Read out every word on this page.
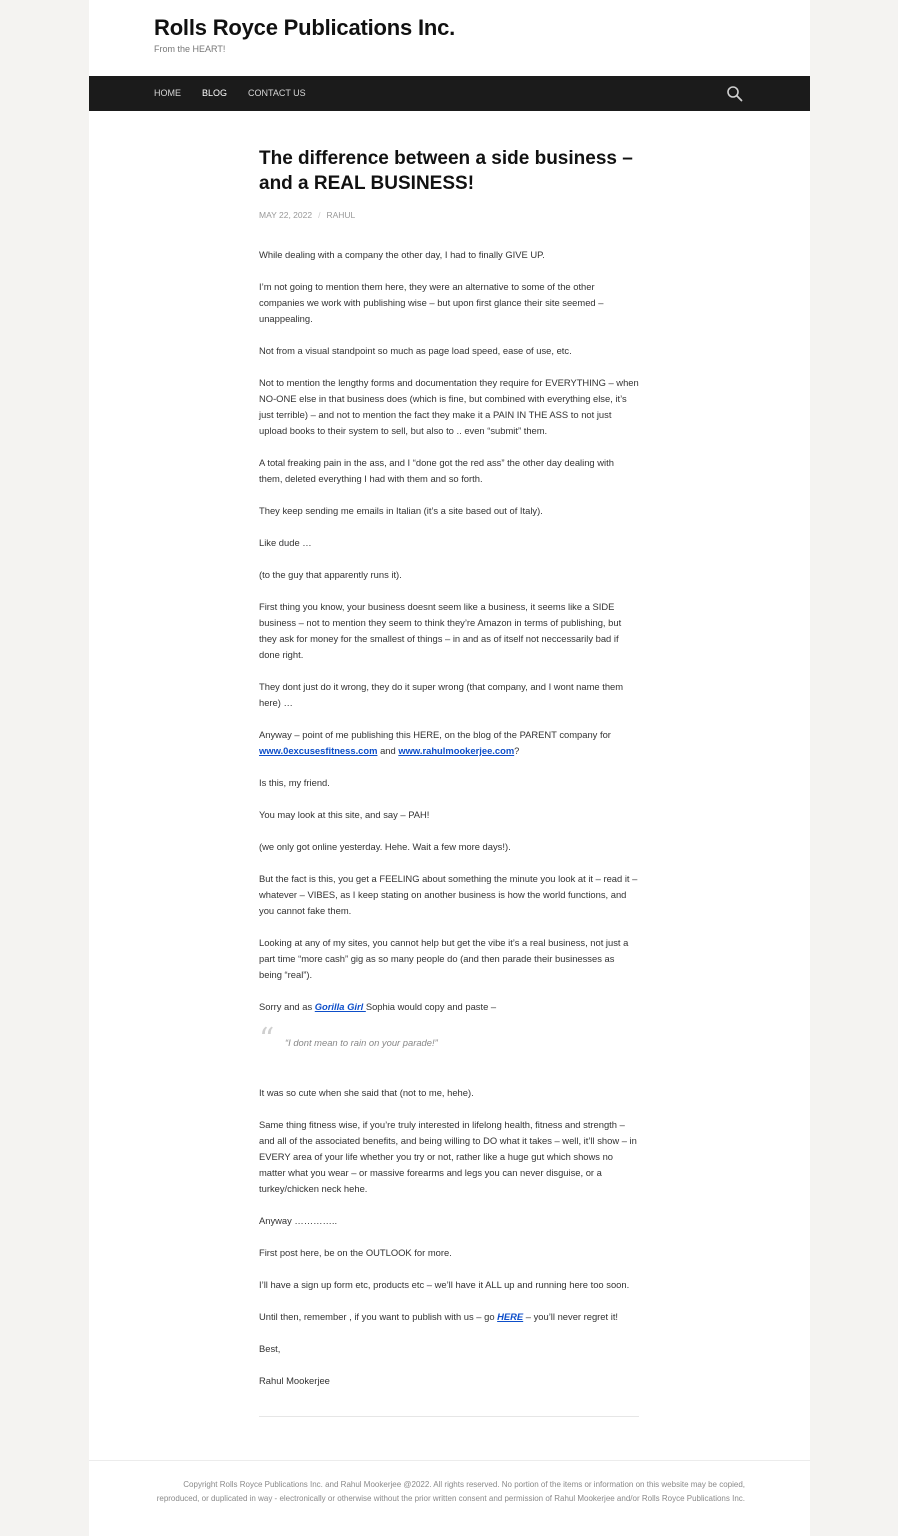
Rolls Royce Publications Inc.
From the HEART!
HOME BLOG CONTACT US
The difference between a side business – and a REAL BUSINESS!
MAY 22, 2022 / RAHUL

While dealing with a company the other day, I had to finally GIVE UP.

I’m not going to mention them here, they were an alternative to some of the other companies we work with publishing wise – but upon first glance their site seemed – unappealing.

Not from a visual standpoint so much as page load speed, ease of use, etc.

Not to mention the lengthy forms and documentation they require for EVERYTHING – when NO-ONE else in that business does (which is fine, but combined with everything else, it’s just terrible) – and not to mention the fact they make it a PAIN IN THE ASS to not just upload books to their system to sell, but also to .. even “submit” them.

A total freaking pain in the ass, and I “done got the red ass” the other day dealing with them, deleted everything I had with them and so forth.

They keep sending me emails in Italian (it’s a site based out of Italy).

Like dude …

(to the guy that apparently runs it).

First thing you know, your business doesnt seem like a business, it seems like a SIDE business – not to mention they seem to think they’re Amazon in terms of publishing, but they ask for money for the smallest of things – in and as of itself not neccessarily bad if done right.

They dont just do it wrong, they do it super wrong (that company, and I wont name them here) …

Anyway – point of me publishing this HERE, on the blog of the PARENT company for www.0excusesfitness.com and www.rahulmookerjee.com?

Is this, my friend.

You may look at this site, and say – PAH!

(we only got online yesterday. Hehe. Wait a few more days!).

But the fact is this, you get a FEELING about something the minute you look at it – read it – whatever – VIBES, as I keep stating on another business is how the world functions, and you cannot fake them.

Looking at any of my sites, you cannot help but get the vibe it’s a real business, not just a part time “more cash” gig as so many people do (and then parade their businesses as being “real”).

Sorry and as Gorilla Girl Sophia would copy and paste –

“ “I dont mean to rain on your parade!”

It was so cute when she said that (not to me, hehe).

Same thing fitness wise, if you’re truly interested in lifelong health, fitness and strength – and all of the associated benefits, and being willing to DO what it takes – well, it’ll show – in EVERY area of your life whether you try or not, rather like a huge gut which shows no matter what you wear – or massive forearms and legs you can never disguise, or a turkey/chicken neck hehe.

Anyway …………..

First post here, be on the OUTLOOK for more.

I’ll have a sign up form etc, products etc – we’ll have it ALL up and running here too soon.

Until then, remember , if you want to publish with us – go HERE – you’ll never regret it!

Best,

Rahul Mookerjee

Copyright Rolls Royce Publications Inc. and Rahul Mookerjee @2022. All rights reserved. No portion of the items or information on this website may be copied, reproduced, or duplicated in way - electronically or otherwise without the prior written consent and permission of Rahul Mookerjee and/or Rolls Royce Publications Inc.
